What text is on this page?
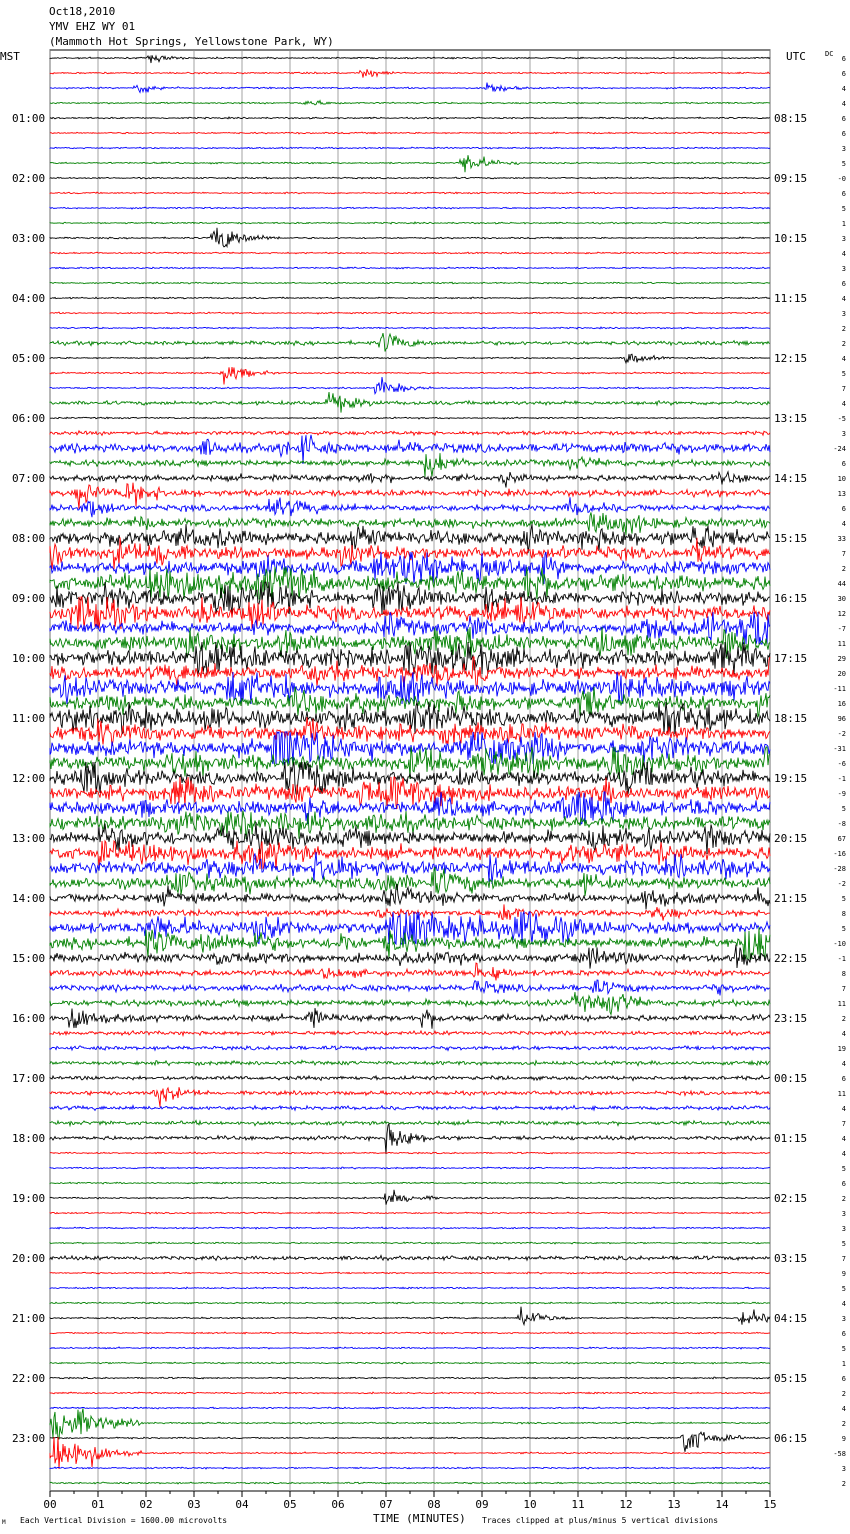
Oct18,2010
YMV EHZ WY 01
(Mammoth Hot Springs, Yellowstone Park, WY)
MST	UTC	DC
TIME (MINUTES)
Each Vertical Division = 1600.00 microvolts	Traces clipped at plus/minus 5 vertical divisions
M
00	01	02	03	04	05	06	07	08	09	10	11	12	13	14	15
6
6
4
4
6
6
3
5
-0
6
5
1
3
4
3
6
4
3
2
2
4
5
7
4
-5
3
-24
6
10
13
6
4
33
7
2
44
30
12
-7
11
29
20
-11
16
96
-2
-31
-6
-1
-9
5
-8
67
-16
-28
-2
5
8
5
-10
-1
8
7
11
2
4
19
4
6
11
4
7
4
4
5
6
2
3
3
5
7
9
5
4
3
6
5
1
6
2
4
2
9
-58
3
2
01:00	08:15
02:00	09:15
03:00	10:15
04:00	11:15
05:00	12:15
06:00	13:15
07:00	14:15
08:00	15:15
09:00	16:15
10:00	17:15
11:00	18:15
12:00	19:15
13:00	20:15
14:00	21:15
15:00	22:15
16:00	23:15
17:00	00:15
18:00	01:15
19:00	02:15
20:00	03:15
21:00	04:15
22:00	05:15
23:00	06:15
